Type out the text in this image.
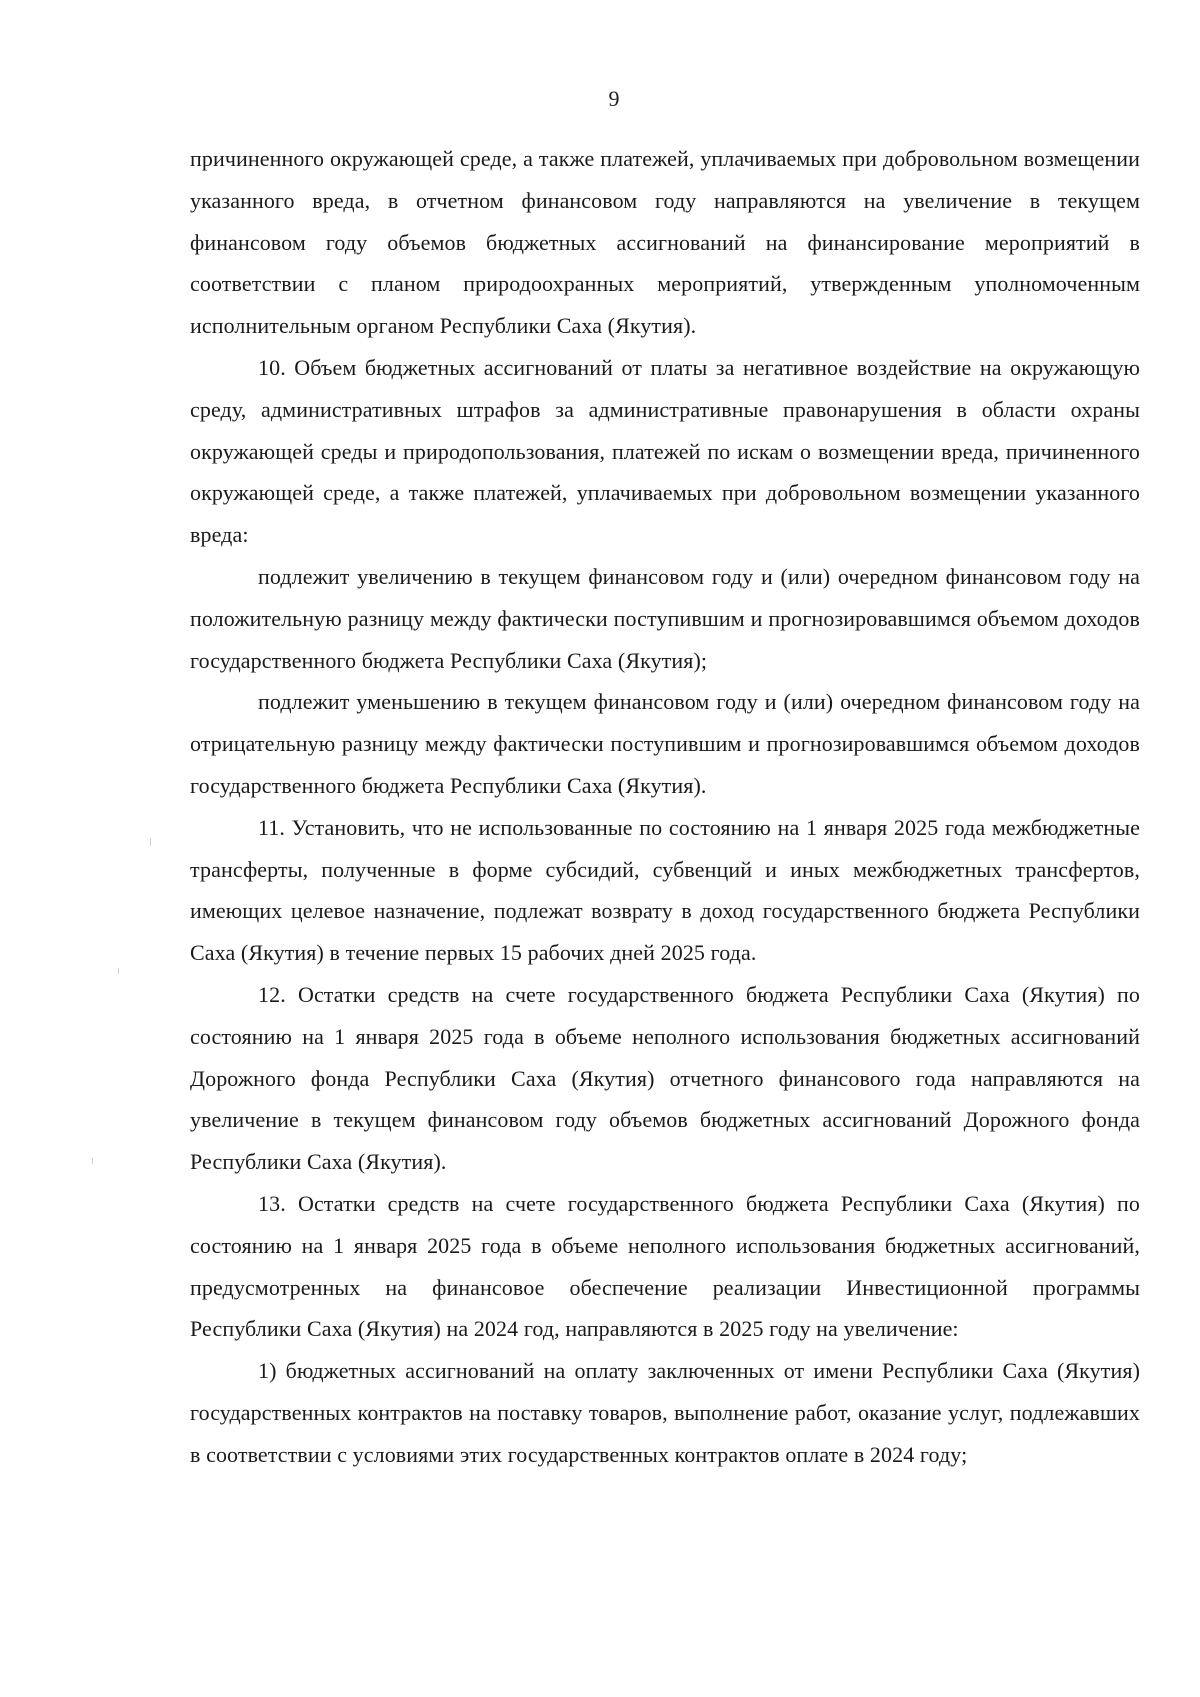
9

причиненного окружающей среде, а также платежей, уплачиваемых при добровольном возмещении указанного вреда, в отчетном финансовом году направляются на увеличение в текущем финансовом году объемов бюджетных ассигнований на финансирование мероприятий в соответствии с планом природоохранных мероприятий, утвержденным уполномоченным исполнительным органом Республики Саха (Якутия).

10. Объем бюджетных ассигнований от платы за негативное воздействие на окружающую среду, административных штрафов за административные правонарушения в области охраны окружающей среды и природопользования, платежей по искам о возмещении вреда, причиненного окружающей среде, а также платежей, уплачиваемых при добровольном возмещении указанного вреда:

подлежит увеличению в текущем финансовом году и (или) очередном финансовом году на положительную разницу между фактически поступившим и прогнозировавшимся объемом доходов государственного бюджета Республики Саха (Якутия);

подлежит уменьшению в текущем финансовом году и (или) очередном финансовом году на отрицательную разницу между фактически поступившим и прогнозировавшимся объемом доходов государственного бюджета Республики Саха (Якутия).

11. Установить, что не использованные по состоянию на 1 января 2025 года межбюджетные трансферты, полученные в форме субсидий, субвенций и иных межбюджетных трансфертов, имеющих целевое назначение, подлежат возврату в доход государственного бюджета Республики Саха (Якутия) в течение первых 15 рабочих дней 2025 года.

12. Остатки средств на счете государственного бюджета Республики Саха (Якутия) по состоянию на 1 января 2025 года в объеме неполного использования бюджетных ассигнований Дорожного фонда Республики Саха (Якутия) отчетного финансового года направляются на увеличение в текущем финансовом году объемов бюджетных ассигнований Дорожного фонда Республики Саха (Якутия).

13. Остатки средств на счете государственного бюджета Республики Саха (Якутия) по состоянию на 1 января 2025 года в объеме неполного использования бюджетных ассигнований, предусмотренных на финансовое обеспечение реализации Инвестиционной программы Республики Саха (Якутия) на 2024 год, направляются в 2025 году на увеличение:

1) бюджетных ассигнований на оплату заключенных от имени Республики Саха (Якутия) государственных контрактов на поставку товаров, выполнение работ, оказание услуг, подлежавших в соответствии с условиями этих государственных контрактов оплате в 2024 году;
